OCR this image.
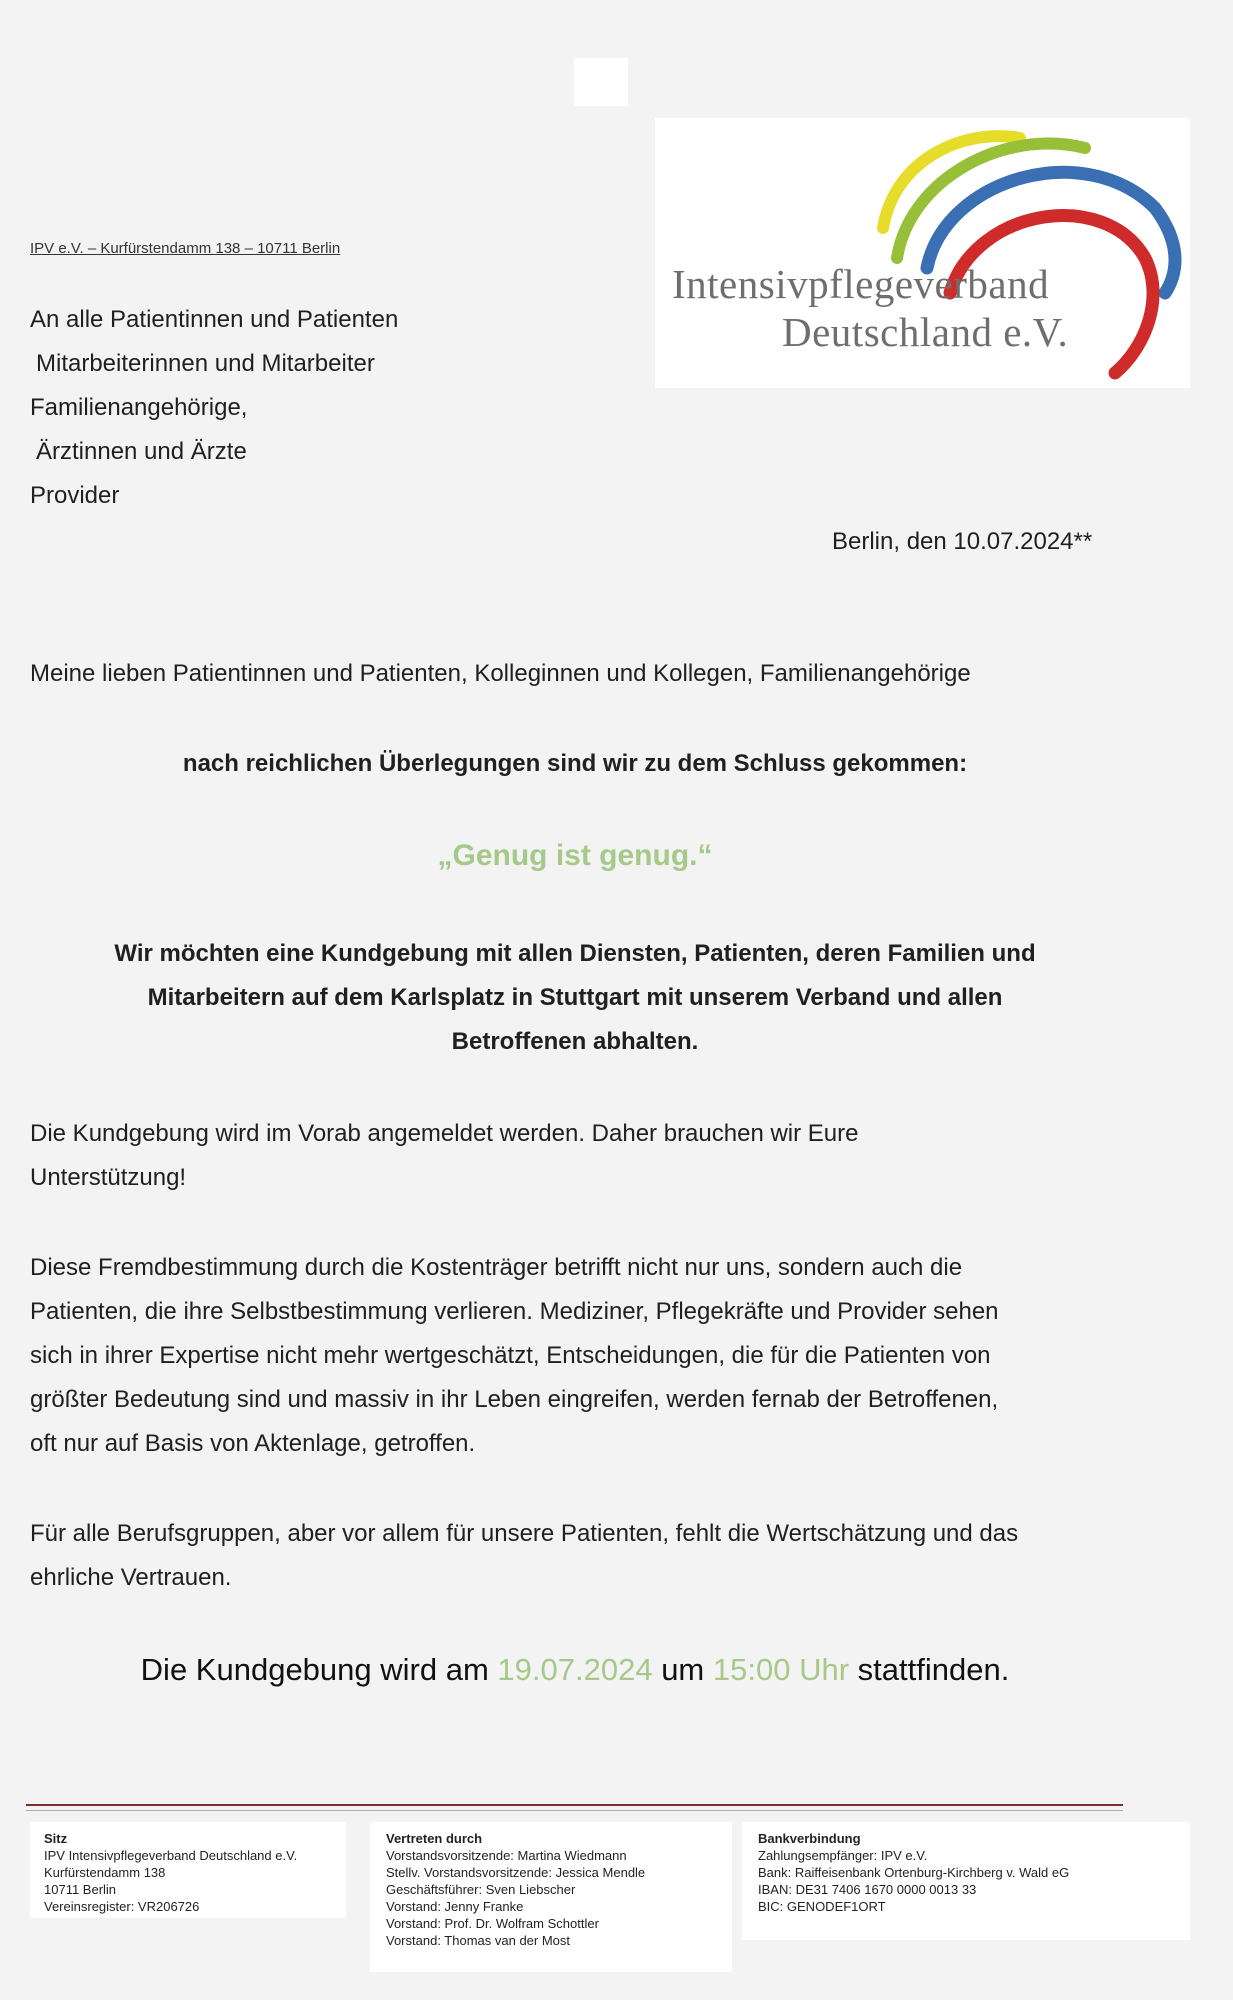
Intensivpflegeverband
Deutschland e.V.
IPV e.V. – Kurfürstendamm 138 – 10711 Berlin
An alle Patientinnen und Patienten
Mitarbeiterinnen und Mitarbeiter
Familienangehörige,
Ärztinnen und Ärzte
Provider
Berlin, den 10.07.2024**
Meine lieben Patientinnen und Patienten, Kolleginnen und Kollegen, Familienangehörige
nach reichlichen Überlegungen sind wir zu dem Schluss gekommen:
„Genug ist genug.“
Wir möchten eine Kundgebung mit allen Diensten, Patienten, deren Familien und
Mitarbeitern auf dem Karlsplatz in Stuttgart mit unserem Verband und allen
Betroffenen abhalten.
Die Kundgebung wird im Vorab angemeldet werden. Daher brauchen wir Eure
Unterstützung!
Diese Fremdbestimmung durch die Kostenträger betrifft nicht nur uns, sondern auch die
Patienten, die ihre Selbstbestimmung verlieren. Mediziner, Pflegekräfte und Provider sehen
sich in ihrer Expertise nicht mehr wertgeschätzt, Entscheidungen, die für die Patienten von
größter Bedeutung sind und massiv in ihr Leben eingreifen, werden fernab der Betroffenen,
oft nur auf Basis von Aktenlage, getroffen.
Für alle Berufsgruppen, aber vor allem für unsere Patienten, fehlt die Wertschätzung und das
ehrliche Vertrauen.
Die Kundgebung wird am 19.07.2024 um 15:00 Uhr stattfinden.
Sitz
IPV Intensivpflegeverband Deutschland e.V.
Kurfürstendamm 138
10711 Berlin
Vereinsregister: VR206726
Vertreten durch
Vorstandsvorsitzende: Martina Wiedmann
Stellv. Vorstandsvorsitzende: Jessica Mendle
Geschäftsführer: Sven Liebscher
Vorstand: Jenny Franke
Vorstand: Prof. Dr. Wolfram Schottler
Vorstand: Thomas van der Most
Bankverbindung
Zahlungsempfänger: IPV e.V.
Bank: Raiffeisenbank Ortenburg-Kirchberg v. Wald eG
IBAN: DE31 7406 1670 0000 0013 33
BIC: GENODEF1ORT
